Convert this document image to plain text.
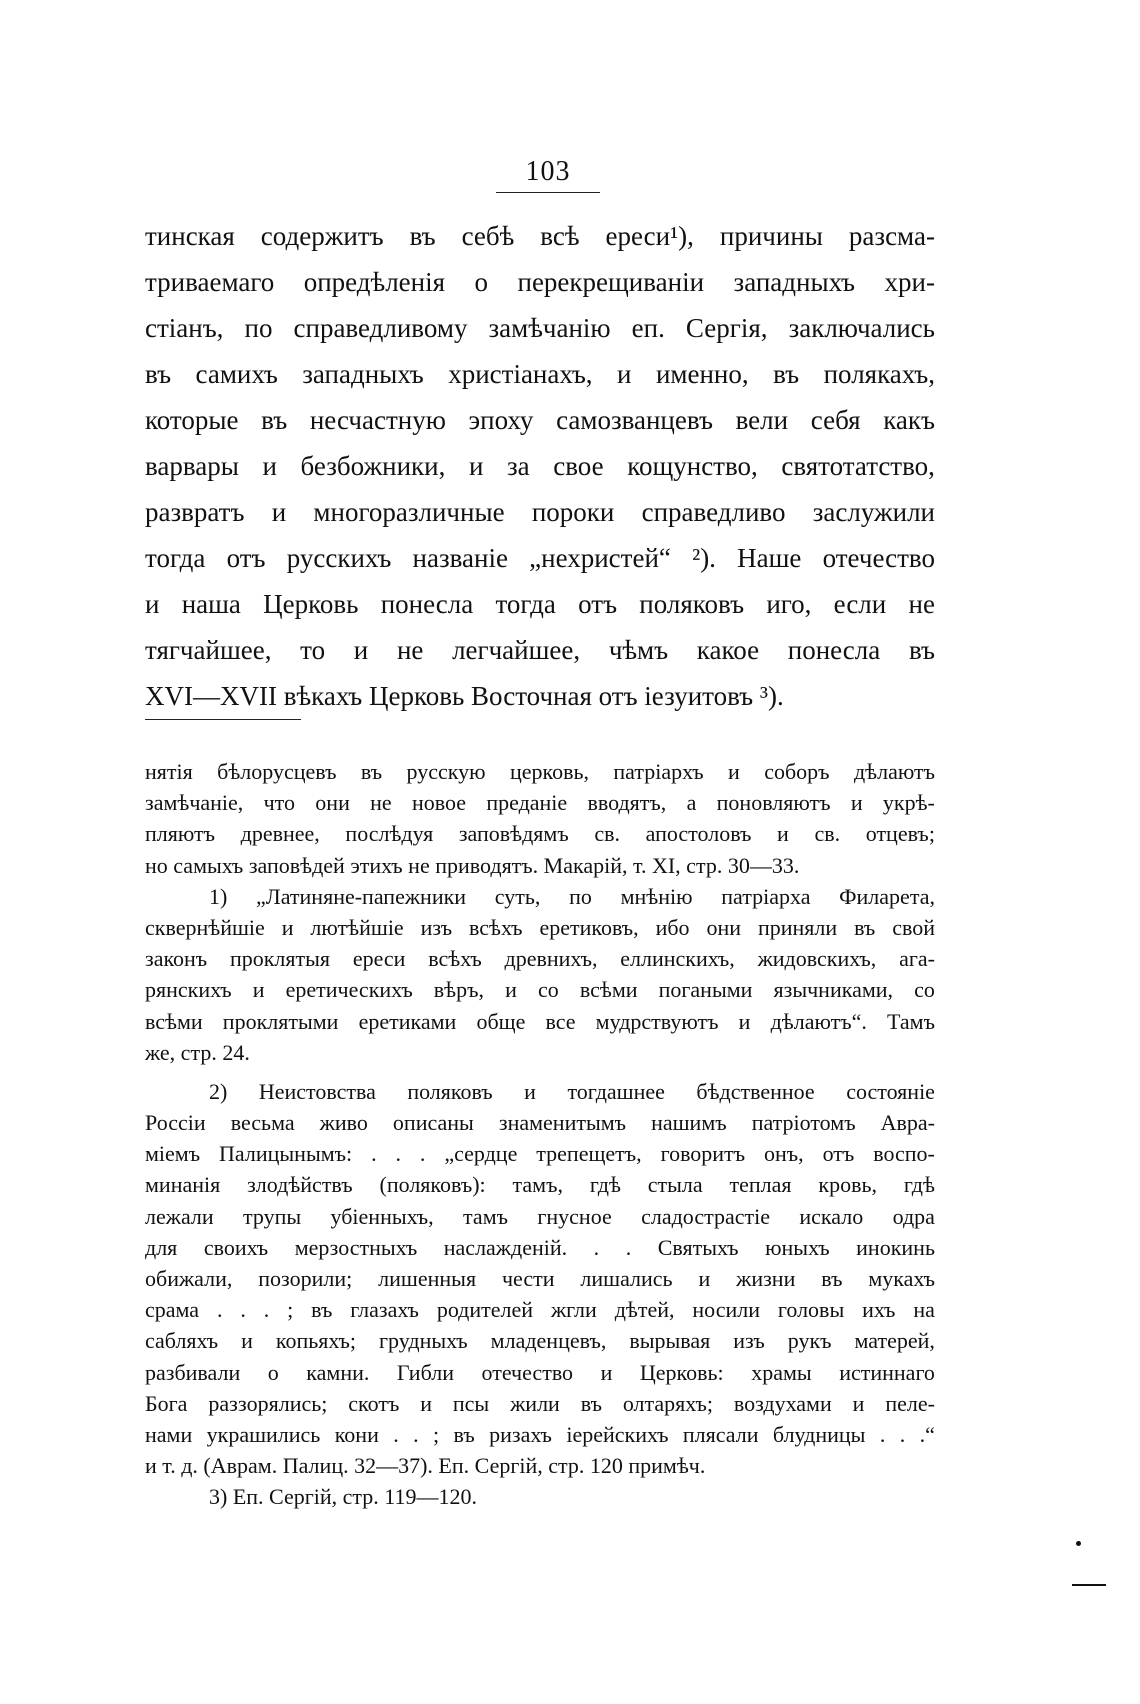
103
тинская содержитъ въ себѣ всѣ ереси¹), причины разсма-
триваемаго опредѣленія о перекрещиваніи западныхъ хри-
стіанъ, по справедливому замѣчанію еп. Сергія, заключались
въ самихъ западныхъ христіанахъ, и именно, въ полякахъ,
которые въ несчастную эпоху самозванцевъ вели себя какъ
варвары и безбожники, и за свое кощунство, святотатство,
развратъ и многоразличные пороки справедливо заслужили
тогда отъ русскихъ названіе „нехристей“ ²). Наше отечество
и наша Церковь понесла тогда отъ поляковъ иго, если не
тягчайшее, то и не легчайшее, чѣмъ какое понесла въ
XVI—XVII вѣкахъ Церковь Восточная отъ іезуитовъ ³).
нятія бѣлорусцевъ въ русскую церковь, патріархъ и соборъ дѣлаютъ
замѣчаніе, что они не новое преданіе вводятъ, а поновляютъ и укрѣ-
пляютъ древнее, послѣдуя заповѣдямъ св. апостоловъ и св. отцевъ;
но самыхъ заповѣдей этихъ не приводятъ. Макарій, т. XI, стр. 30—33.
1) „Латиняне-папежники суть, по мнѣнію патріарха Филарета,
сквернѣйшіе и лютѣйшіе изъ всѣхъ еретиковъ, ибо они приняли въ свой
законъ проклятыя ереси всѣхъ древнихъ, еллинскихъ, жидовскихъ, ага-
рянскихъ и еретическихъ вѣръ, и со всѣми погаными язычниками, со
всѣми проклятыми еретиками обще все мудрствуютъ и дѣлаютъ“. Тамъ
же, стр. 24.
2) Неистовства поляковъ и тогдашнее бѣдственное состояніе
Россіи весьма живо описаны знаменитымъ нашимъ патріотомъ Авра-
міемъ Палицынымъ: . . . „сердце трепещетъ, говоритъ онъ, отъ воспо-
минанія злодѣйствъ (поляковъ): тамъ, гдѣ стыла теплая кровь, гдѣ
лежали трупы убіенныхъ, тамъ гнусное сладострастіе искало одра
для своихъ мерзостныхъ наслажденій. . . Святыхъ юныхъ инокинь
обижали, позорили; лишенныя чести лишались и жизни въ мукахъ
срама . . . ; въ глазахъ родителей жгли дѣтей, носили головы ихъ на
сабляхъ и копьяхъ; грудныхъ младенцевъ, вырывая изъ рукъ матерей,
разбивали о камни. Гибли отечество и Церковь: храмы истиннаго
Бога раззорялись; скотъ и псы жили въ олтаряхъ; воздухами и пеле-
нами украшились кони . . ; въ ризахъ іерейскихъ плясали блудницы . . .“
и т. д. (Аврам. Палиц. 32—37). Еп. Сергій, стр. 120 примѣч.
3) Еп. Сергій, стр. 119—120.
